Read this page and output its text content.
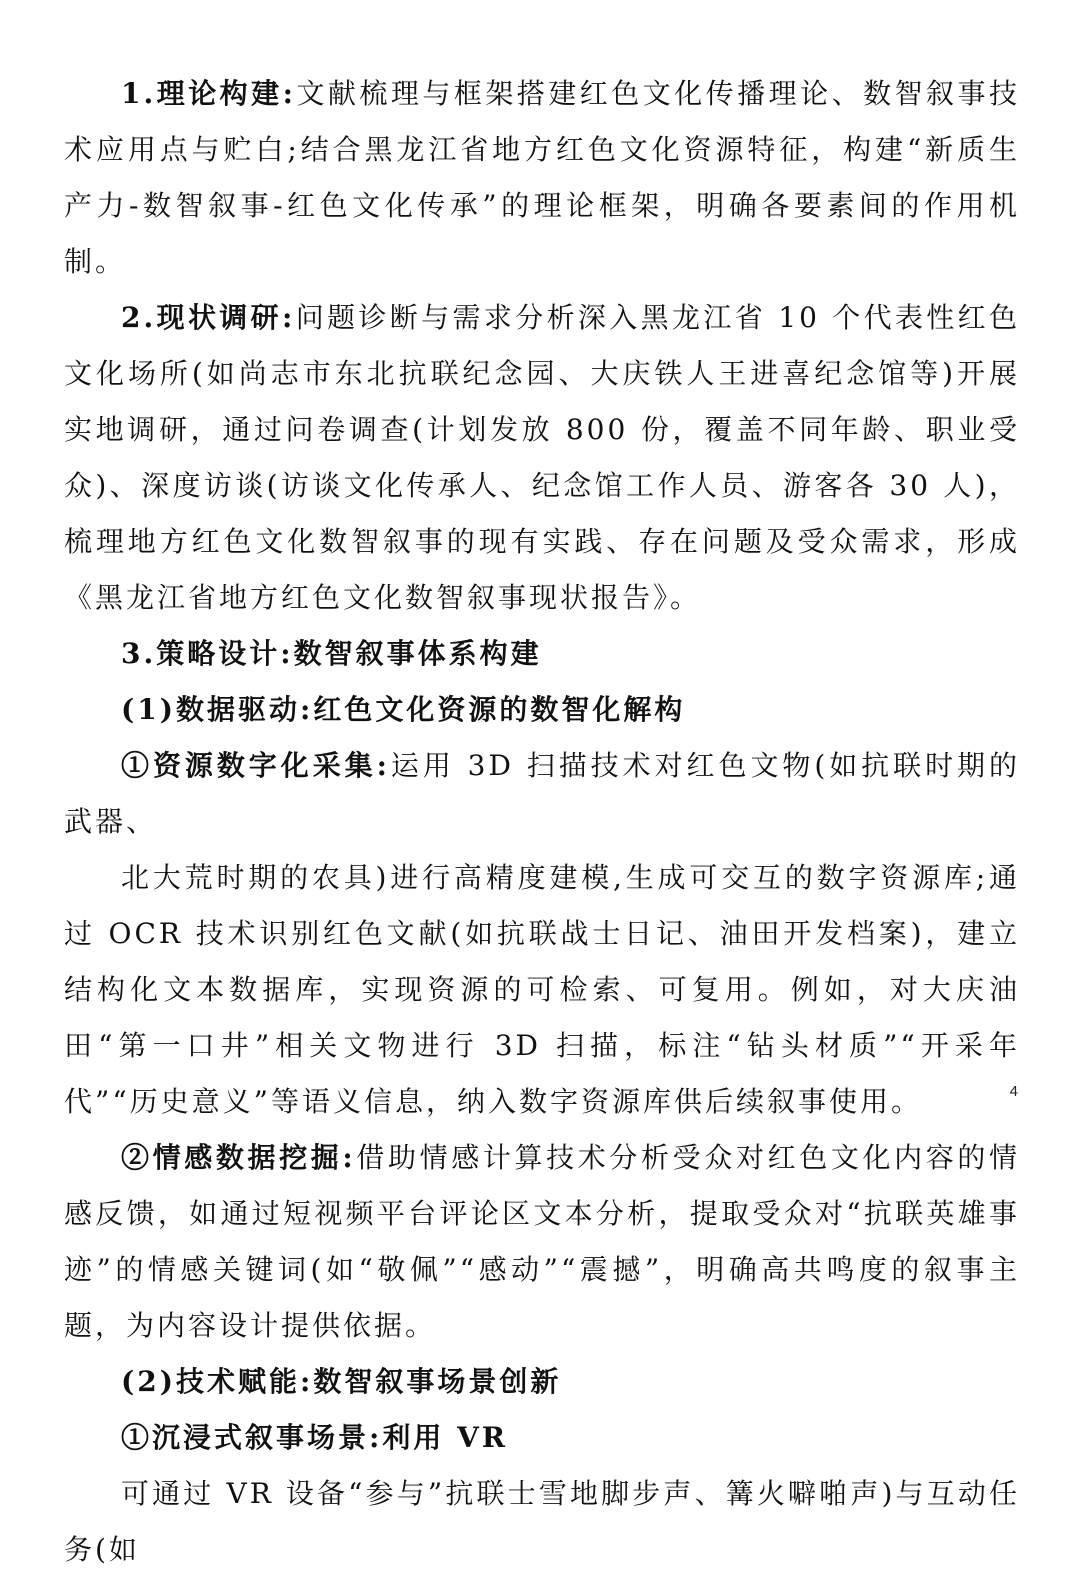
1.理论构建:文献梳理与框架搭建红色文化传播理论、数智叙事技术应用点与贮白;结合黑龙江省地方红色文化资源特征，构建“新质生产力-数智叙事-红色文化传承”的理论框架，明确各要素间的作用机制。

2.现状调研:问题诊断与需求分析深入黑龙江省 10 个代表性红色文化场所(如尚志市东北抗联纪念园、大庆铁人王进喜纪念馆等)开展实地调研，通过问卷调查(计划发放 800 份，覆盖不同年龄、职业受众)、深度访谈(访谈文化传承人、纪念馆工作人员、游客各 30 人)，梳理地方红色文化数智叙事的现有实践、存在问题及受众需求，形成《黑龙江省地方红色文化数智叙事现状报告》。

3.策略设计:数智叙事体系构建

(1)数据驱动:红色文化资源的数智化解构

①资源数字化采集:运用 3D 扫描技术对红色文物(如抗联时期的武器、

北大荒时期的农具)进行高精度建模,生成可交互的数字资源库;通过 OCR 技术识别红色文献(如抗联战士日记、油田开发档案)，建立结构化文本数据库，实现资源的可检索、可复用。例如，对大庆油田“第一口井”相关文物进行 3D 扫描，标注“钻头材质”“开采年代”“历史意义”等语义信息，纳入数字资源库供后续叙事使用。

②情感数据挖掘:借助情感计算技术分析受众对红色文化内容的情感反馈，如通过短视频平台评论区文本分析，提取受众对“抗联英雄事迹”的情感关键词(如“敬佩”“感动”“震撼”，明确高共鸣度的叙事主题，为内容设计提供依据。

(2)技术赋能:数智叙事场景创新

①沉浸式叙事场景:利用 VR

可通过 VR 设备“参与”抗联士雪地脚步声、篝火噼啪声)与互动任务(如

4
